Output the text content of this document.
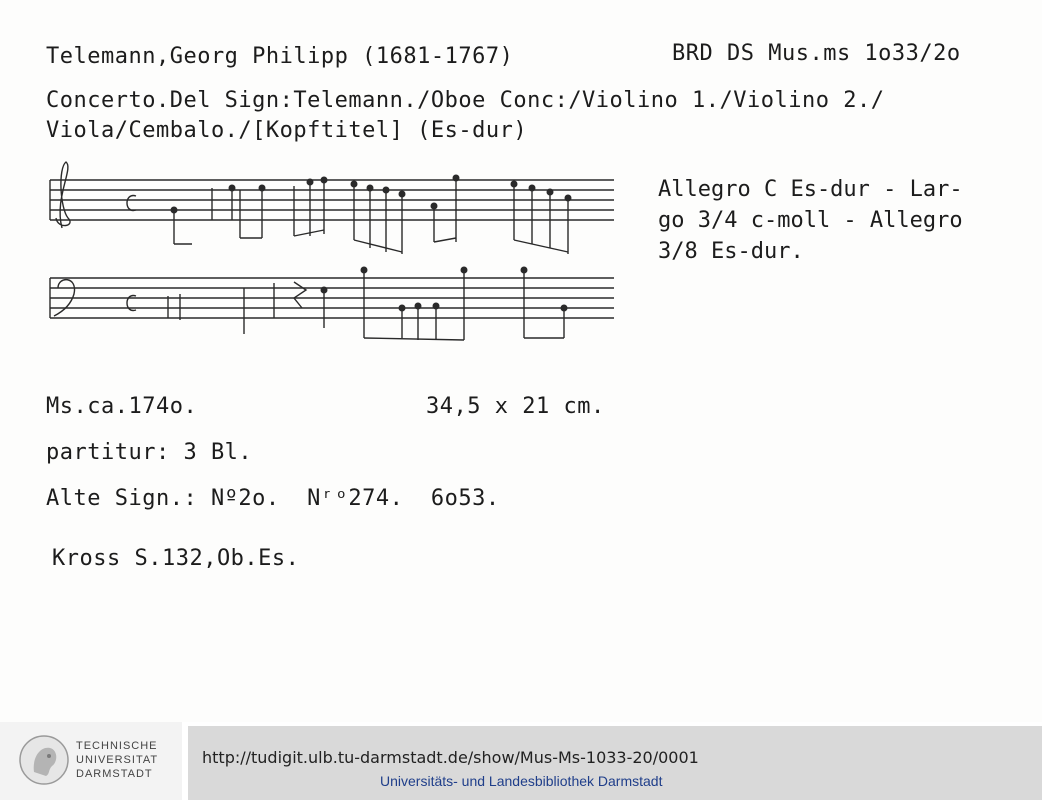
Telemann,Georg Philipp (1681-1767)	BRD DS Mus.ms 1o33/2o
Concerto.Del Sign:Telemann./Oboe Conc:/Violino 1./Violino 2./
Viola/Cembalo./[Kopftitel] (Es-dur)
Allegro C Es-dur - Lar-
go 3/4 c-moll - Allegro
3/8 Es-dur.
Ms.ca.174o.	34,5 x 21 cm.
partitur: 3 Bl.
Alte Sign.: Nº2o.  Nʳᵒ274.  6o53.
Kross S.132,Ob.Es.
TECHNISCHE
UNIVERSITAT
DARMSTADT
http://tudigit.ulb.tu-darmstadt.de/show/Mus-Ms-1033-20/0001
Universitäts- und Landesbibliothek Darmstadt
